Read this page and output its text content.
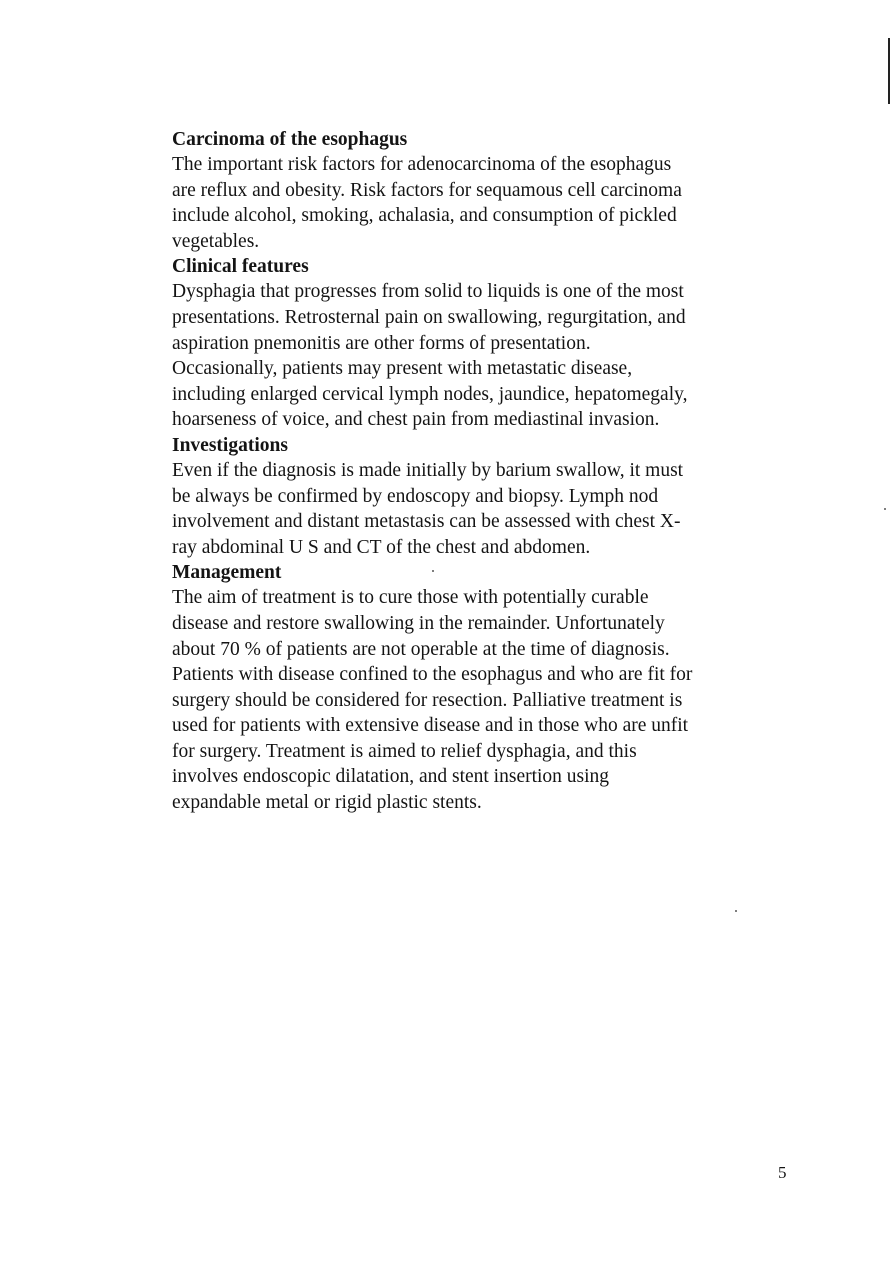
Carcinoma of the esophagus

The important risk factors for adenocarcinoma of the esophagus

are reflux and obesity. Risk factors for sequamous cell carcinoma

include alcohol, smoking, achalasia, and consumption of pickled

vegetables.

Clinical features

Dysphagia that progresses from solid to liquids is one of the most

presentations. Retrosternal pain on swallowing, regurgitation, and

aspiration pnemonitis are other forms of presentation.

Occasionally, patients may present with metastatic disease,

including enlarged cervical lymph nodes, jaundice, hepatomegaly,

hoarseness of voice, and chest pain from mediastinal invasion.

Investigations

Even if the diagnosis is made initially by barium swallow, it must

be always be confirmed by endoscopy and biopsy. Lymph nod

involvement and distant metastasis can be assessed with chest X-

ray abdominal U S and CT of the chest and abdomen.

Management

The aim of treatment is to cure those with potentially curable

disease and restore swallowing in the remainder. Unfortunately

about 70 % of patients are not operable at the time of diagnosis.

Patients with disease confined to the esophagus and who are fit for

surgery should be considered for resection. Palliative treatment is

used for patients with extensive disease and in those who are unfit

for surgery. Treatment is aimed to relief dysphagia, and this

involves endoscopic dilatation, and stent insertion using

expandable metal or rigid plastic stents.

5
